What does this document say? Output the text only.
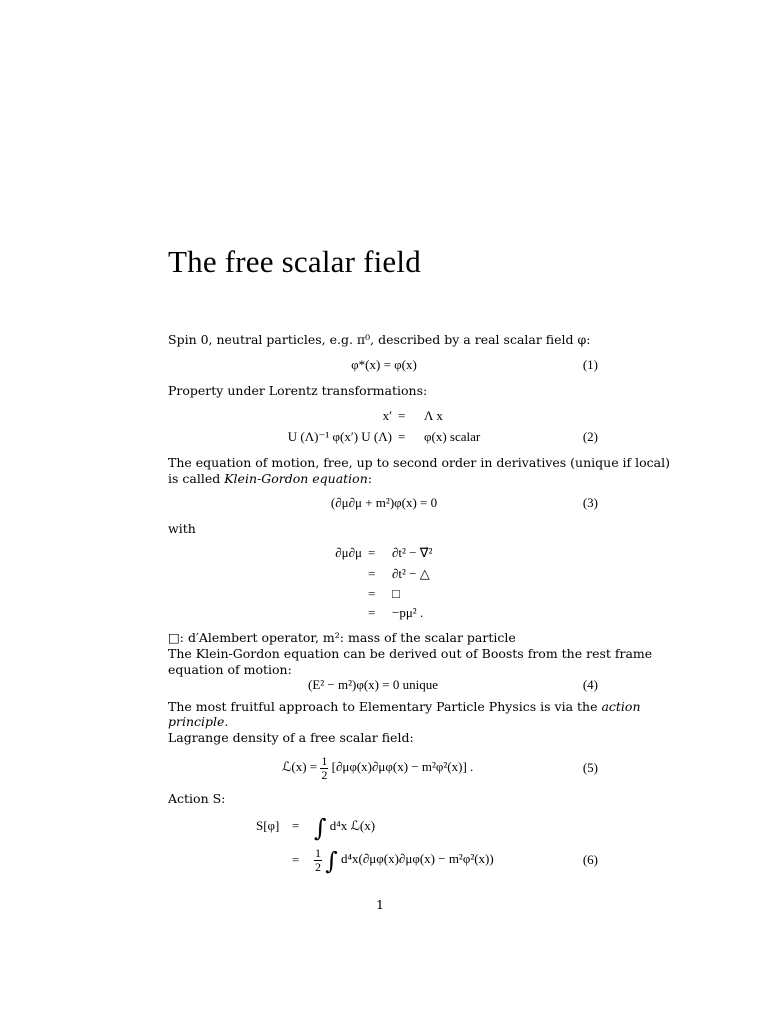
The free scalar field
Spin 0, neutral particles, e.g. π⁰, described by a real scalar field φ:
φ*(x) = φ(x)	(1)
Property under Lorentz transformations:
x′ = Λ x
U (Λ)⁻¹ φ(x′) U (Λ) = φ(x) scalar	(2)
The equation of motion, free, up to second order in derivatives (unique if local)
is called Klein-Gordon equation:
(∂μ∂μ + m²)φ(x) = 0	(3)
with
∂μ∂μ = ∂t² − ∇⃗²
= ∂t² − △
= □
= −pμ² .
□: d′Alembert operator, m²: mass of the scalar particle
The Klein-Gordon equation can be derived out of Boosts from the rest frame
equation of motion:
(E² − m²)φ(x) = 0 unique	(4)
The most fruitful approach to Elementary Particle Physics is via the action
principle.
Lagrange density of a free scalar field:
ℒ(x) = $\frac{1}{2} [\partial\mu\varphi(x)\partial\mu\varphi(x) - m^2\varphi^2(x)]$ .	(5)
Action S:
S[φ] = ∫ d⁴x ℒ(x)
= $\frac{1}{2}$ ∫ d⁴x(∂μφ(x)∂μφ(x) − m²φ²(x))	(6)
1
